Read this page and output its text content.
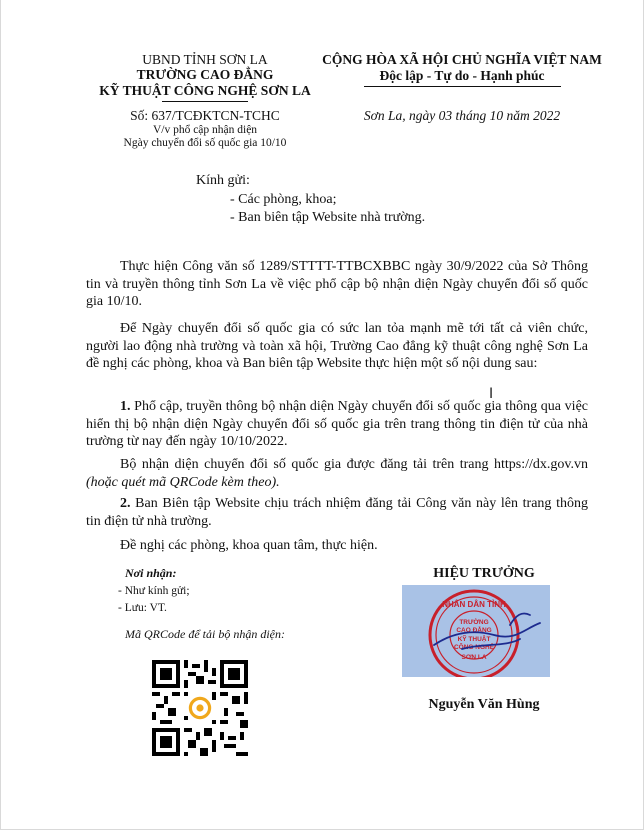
UBND TỈNH SƠN LA
TRƯỜNG CAO ĐẲNG
KỸ THUẬT CÔNG NGHỆ SƠN LA
Số: 637/TCĐKTCN-TCHC
V/v phổ cập nhận diện
Ngày chuyển đổi số quốc gia 10/10
CỘNG HÒA XÃ HỘI CHỦ NGHĨA VIỆT NAM
Độc lập - Tự do - Hạnh phúc
Sơn La, ngày 03 tháng 10 năm 2022
Kính gửi:
- Các phòng, khoa;
- Ban biên tập Website nhà trường.
Thực hiện Công văn số 1289/STTTT-TTBCXBBC ngày 30/9/2022 của Sở Thông tin và truyền thông tỉnh Sơn La về việc phổ cập bộ nhận diện Ngày chuyển đổi số quốc gia 10/10.
Để Ngày chuyển đổi số quốc gia có sức lan tỏa mạnh mẽ tới tất cả viên chức, người lao động nhà trường và toàn xã hội, Trường Cao đẳng kỹ thuật công nghệ Sơn La đề nghị các phòng, khoa và Ban biên tập Website thực hiện một số nội dung sau:
1. Phổ cập, truyền thông bộ nhận diện Ngày chuyển đổi số quốc gia thông qua việc hiển thị bộ nhận diện Ngày chuyển đổi số quốc gia trên trang thông tin điện tử của nhà trường từ nay đến ngày 10/10/2022.
Bộ nhận diện chuyển đổi số quốc gia được đăng tải trên trang https://dx.gov.vn (hoặc quét mã QRCode kèm theo).
2. Ban Biên tập Website chịu trách nhiệm đăng tải Công văn này lên trang thông tin điện tử nhà trường.
Đề nghị các phòng, khoa quan tâm, thực hiện.
Nơi nhận:
- Như kính gửi;
- Lưu: VT.
Mã QRCode để tải bộ nhận diện:
HIỆU TRƯỞNG
NHÂN DÂN TỈNH
TRƯỜNG
CAO ĐẲNG
KỸ THUẬT
CÔNG NGHỆ
SƠN LA
Nguyễn Văn Hùng
I
